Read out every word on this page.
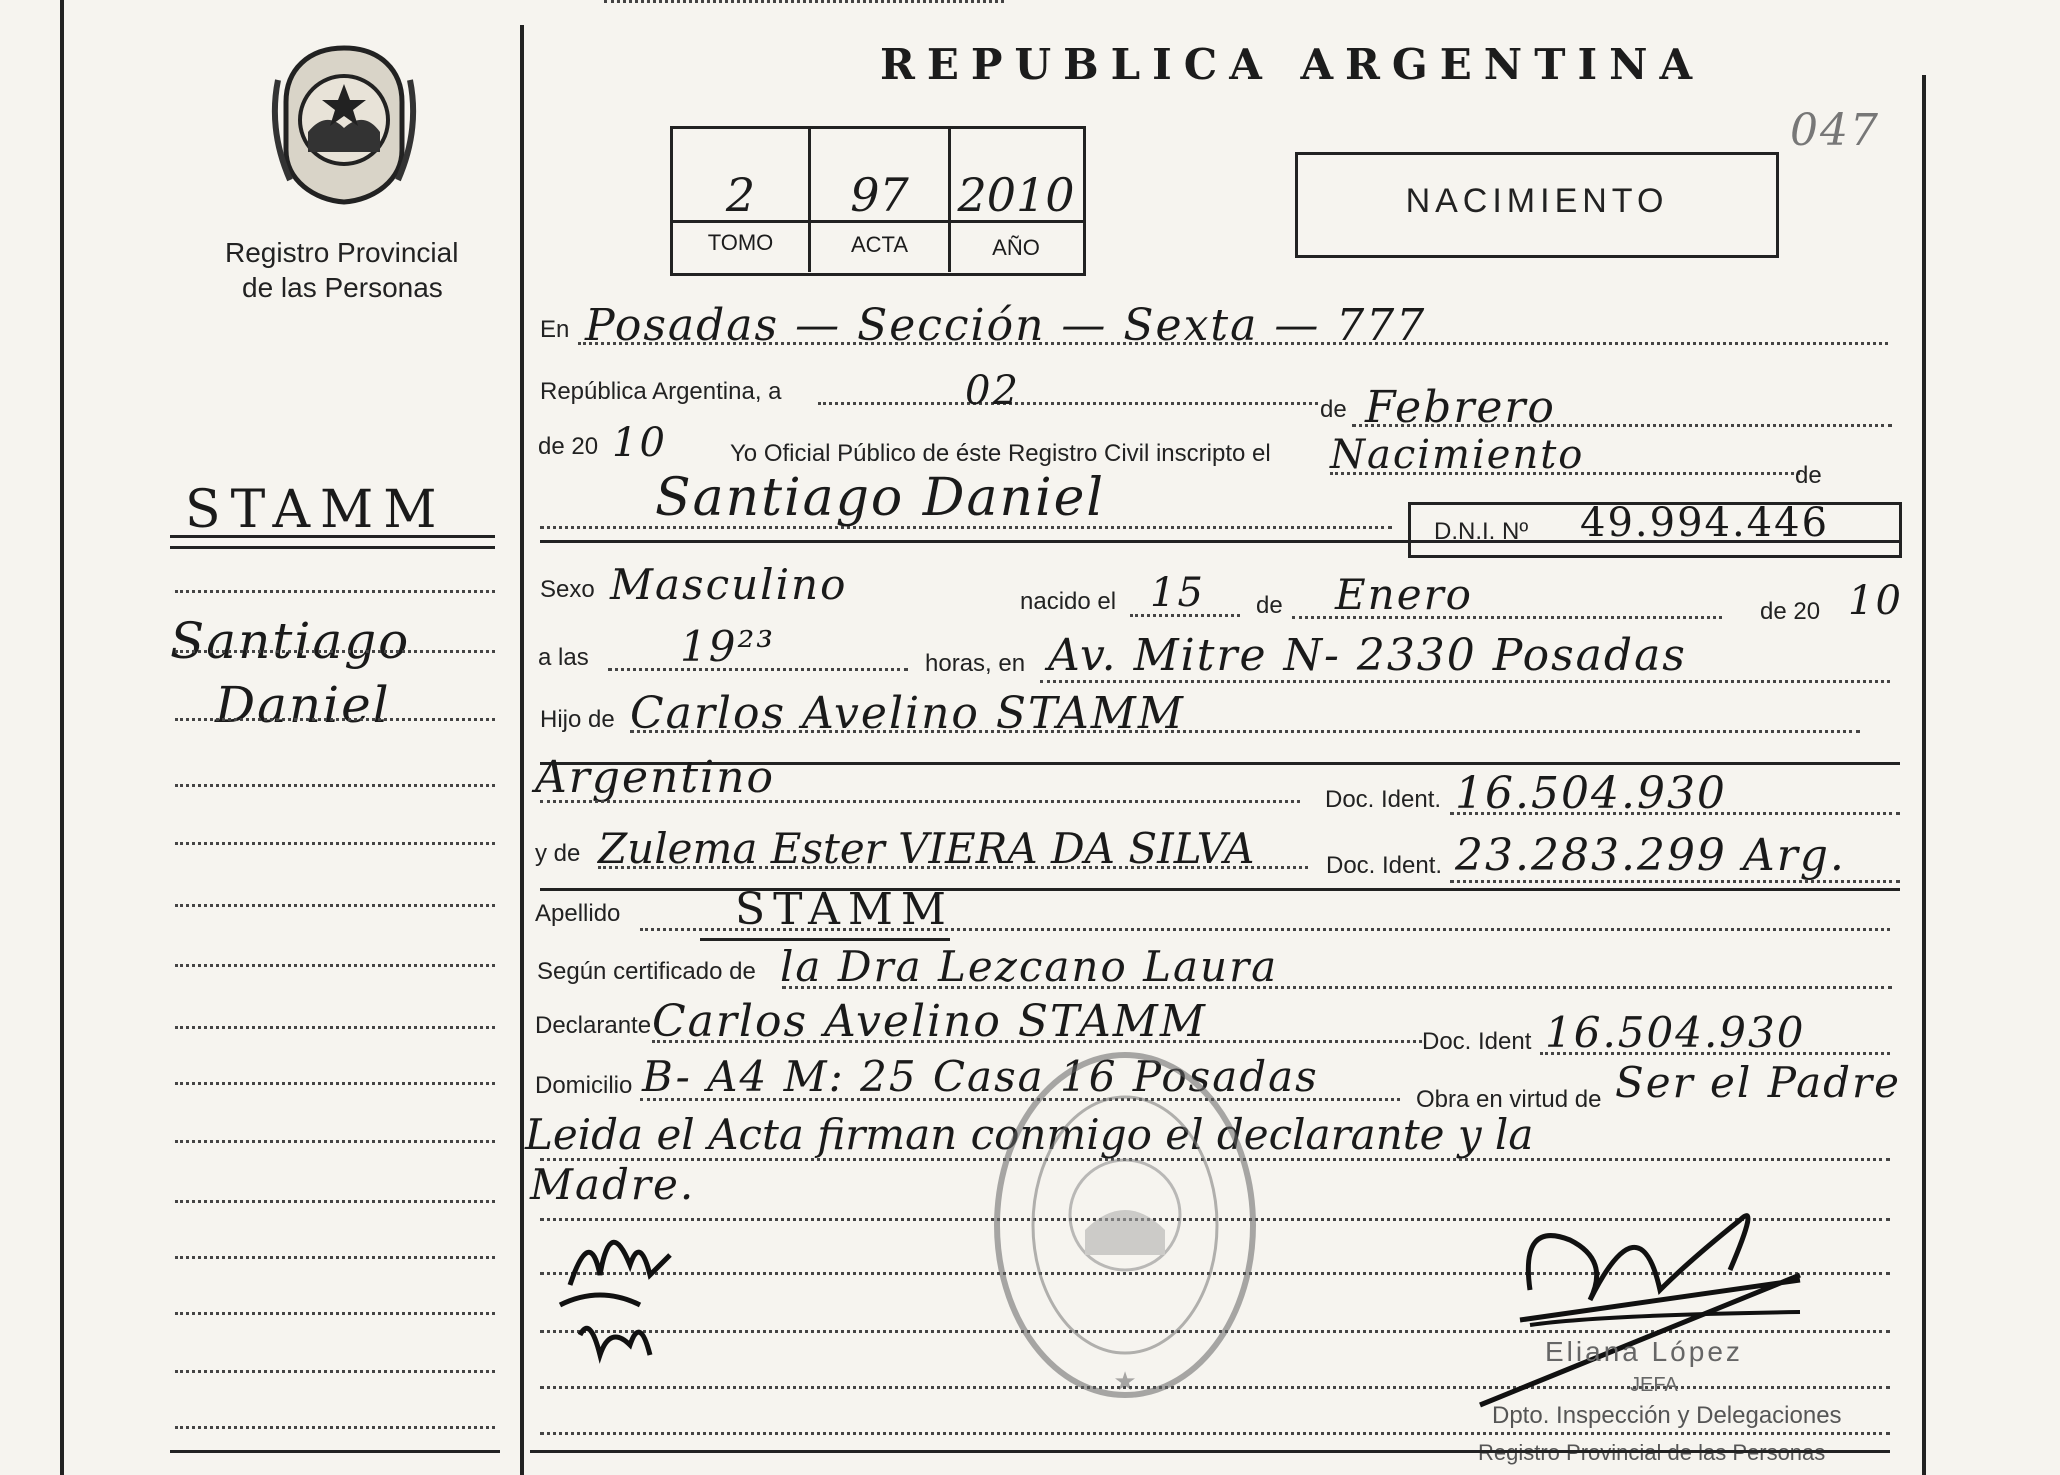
Registro Provincial
de las Personas
REPUBLICA ARGENTINA
047
2	97	2010
TOMO	ACTA	AÑO
NACIMIENTO
STAMM
Santiago
Daniel
En Posadas — Sección — Sexta — 777
República Argentina, a	02	de Febrero
de 20 10	Yo Oficial Público de éste Registro Civil inscripto el Nacimiento	de
Santiago Daniel
D.N.I. Nº 49.994.446
Sexo Masculino	nacido el 15 de Enero	de 20 10
a las 19²³	horas, en Av. Mitre N- 2330 Posadas
Hijo de Carlos Avelino STAMM
Argentino	Doc. Ident. 16.504.930
y de Zulema Ester VIERA DA SILVA	Doc. Ident. 23.283.299 Arg.
Apellido	STAMM
Según certificado de la Dra Lezcano Laura
Declarante Carlos Avelino STAMM	Doc. Ident 16.504.930
Domicilio B- A4 M: 25 Casa 16 Posadas	Obra en virtud de Ser el Padre
Leida el Acta firman conmigo el declarante y la
Madre.
★
Eliana López
JEFA
Dpto. Inspección y Delegaciones
Registro Provincial de las Personas
